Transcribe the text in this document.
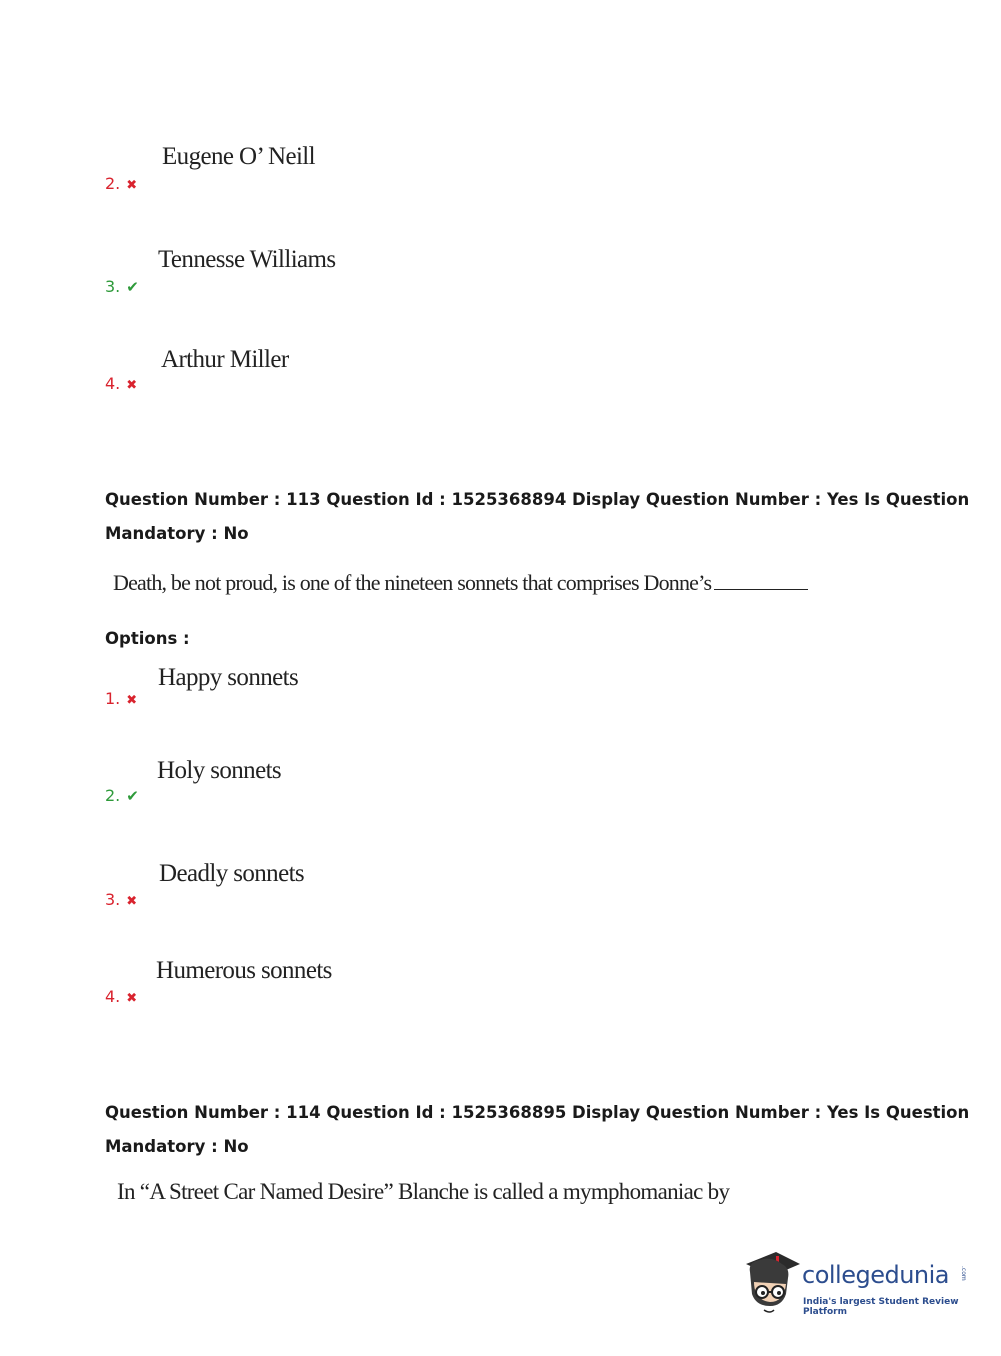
2. ✖
Eugene O’ Neill
3. ✔
Tennesse Williams
4. ✖
Arthur Miller
Question Number : 113 Question Id : 1525368894 Display Question Number : Yes Is Question
Mandatory : No
Death, be not proud, is one of the nineteen sonnets that comprises Donne’s
Options :
1. ✖
Happy sonnets
2. ✔
Holy sonnets
3. ✖
Deadly sonnets
4. ✖
Humerous sonnets
Question Number : 114 Question Id : 1525368895 Display Question Number : Yes Is Question
Mandatory : No
In “A Street Car Named Desire” Blanche is called a mymphomaniac by
collegedunia .com
India's largest Student Review Platform
